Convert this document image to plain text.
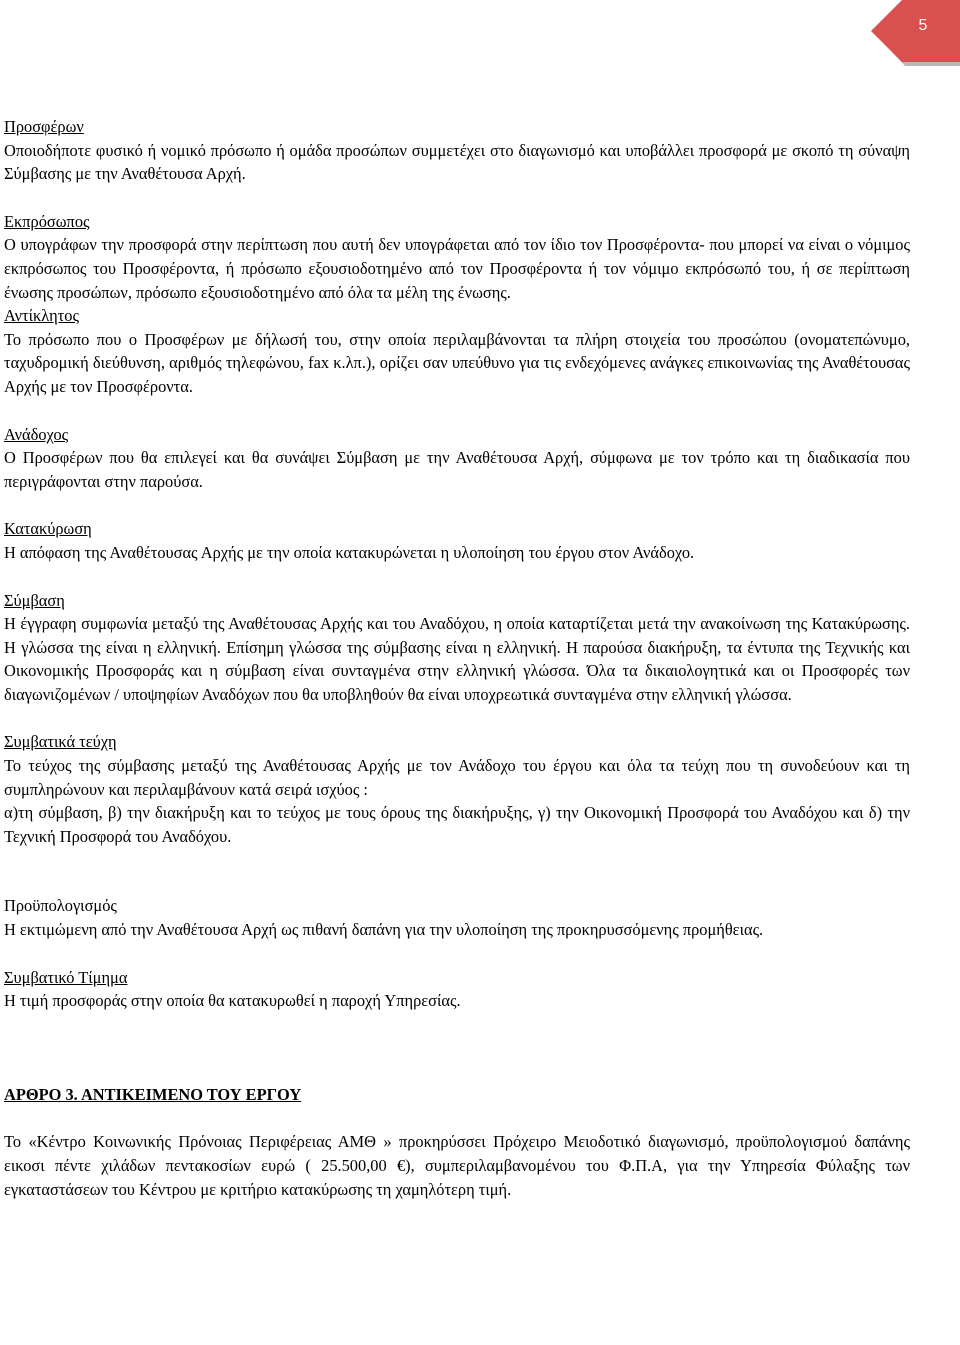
5

Προσφέρων

Οποιοδήποτε φυσικό ή νομικό πρόσωπο ή ομάδα προσώπων συμμετέχει στο διαγωνισμό και υποβάλλει προσφορά με σκοπό τη σύναψη Σύμβασης με την Αναθέτουσα Αρχή.

Εκπρόσωπος

Ο υπογράφων την προσφορά στην περίπτωση που αυτή δεν υπογράφεται από τον ίδιο τον Προσφέροντα- που μπορεί να είναι ο νόμιμος εκπρόσωπος του Προσφέροντα, ή πρόσωπο εξουσιοδοτημένο από τον Προσφέροντα ή τον νόμιμο εκπρόσωπό του, ή σε περίπτωση ένωσης προσώπων, πρόσωπο εξουσιοδοτημένο από όλα τα μέλη της ένωσης.

Αντίκλητος

Το πρόσωπο που ο Προσφέρων με δήλωσή του, στην οποία περιλαμβάνονται τα πλήρη στοιχεία του προσώπου (ονοματεπώνυμο, ταχυδρομική διεύθυνση, αριθμός τηλεφώνου, fax κ.λπ.), ορίζει σαν υπεύθυνο για τις ενδεχόμενες ανάγκες επικοινωνίας της Αναθέτουσας Αρχής με τον Προσφέροντα.

Ανάδοχος

Ο Προσφέρων που θα επιλεγεί και θα συνάψει Σύμβαση με την Αναθέτουσα Αρχή, σύμφωνα με τον τρόπο και τη διαδικασία που περιγράφονται στην παρούσα.

Κατακύρωση

Η απόφαση της Αναθέτουσας Αρχής με την οποία κατακυρώνεται η υλοποίηση του έργου στον Ανάδοχο.

Σύμβαση

Η έγγραφη συμφωνία μεταξύ της Αναθέτουσας Αρχής και του Αναδόχου, η οποία καταρτίζεται μετά την ανακοίνωση της Κατακύρωσης. Η γλώσσα της είναι η ελληνική. Επίσημη γλώσσα της σύμβασης είναι η ελληνική. Η παρούσα διακήρυξη, τα έντυπα της Τεχνικής και Οικονομικής Προσφοράς και η σύμβαση είναι συνταγμένα στην ελληνική γλώσσα. Όλα τα δικαιολογητικά και οι Προσφορές των διαγωνιζομένων / υποψηφίων Αναδόχων που θα υποβληθούν θα είναι υποχρεωτικά συνταγμένα στην ελληνική γλώσσα.

Συμβατικά τεύχη

Το τεύχος της σύμβασης μεταξύ της Αναθέτουσας Αρχής με τον Ανάδοχο του έργου και όλα τα τεύχη που τη συνοδεύουν και τη συμπληρώνουν και περιλαμβάνουν κατά σειρά ισχύος :

α)τη σύμβαση, β) την διακήρυξη και το τεύχος με τους όρους της διακήρυξης, γ) την Οικονομική Προσφορά του Αναδόχου και δ) την Τεχνική Προσφορά του Αναδόχου.

Προϋπολογισμός

Η εκτιμώμενη από την Αναθέτουσα Αρχή ως πιθανή δαπάνη για την υλοποίηση της προκηρυσσόμενης προμήθειας.

Συμβατικό Τίμημα

Η τιμή προσφοράς στην οποία θα κατακυρωθεί η παροχή Υπηρεσίας.

ΑΡΘΡΟ 3. ΑΝΤΙΚΕΙΜΕΝΟ ΤΟΥ ΕΡΓΟΥ

Το «Κέντρο Κοινωνικής Πρόνοιας Περιφέρειας ΑΜΘ » προκηρύσσει Πρόχειρο Μειοδοτικό διαγωνισμό, προϋπολογισμού δαπάνης εικοσι πέντε χιλάδων πεντακοσίων ευρώ ( 25.500,00 €), συμπεριλαμβανομένου του Φ.Π.Α, για την Υπηρεσία Φύλαξης των εγκαταστάσεων του Κέντρου με κριτήριο κατακύρωσης τη χαμηλότερη τιμή.
